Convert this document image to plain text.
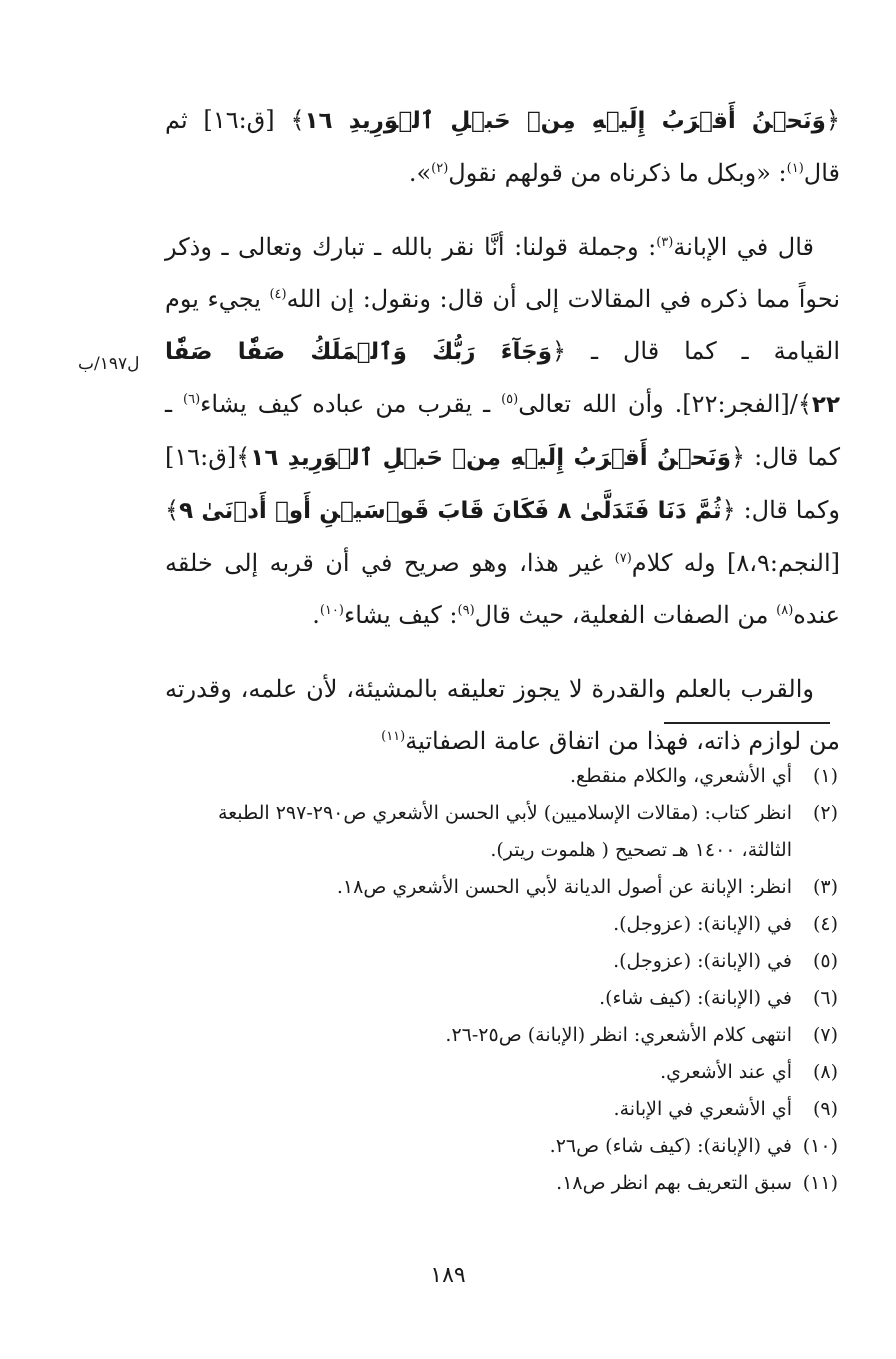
﴿وَنَحۡنُ أَقۡرَبُ إِلَيۡهِ مِنۡ حَبۡلِ ٱلۡوَرِيدِ ١٦﴾ [ق:١٦] ثم قال$^{(١)}$: «وبكل ما ذكرناه من قولهم نقول$^{(٢)}$».

قال في الإبانة$^{(٣)}$: وجملة قولنا: أنَّا نقر بالله ـ تبارك وتعالى ـ وذكر نحواً مما ذكره في المقالات إلى أن قال: ونقول: إن الله$^{(٤)}$ يجيء يوم القيامة ـ كما قال ـ ﴿وَجَآءَ رَبُّكَ وَٱلۡمَلَكُ صَفّٗا صَفّٗا ٢٢﴾/[الفجر:٢٢]. وأن الله تعالى$^{(٥)}$ ـ يقرب من عباده كيف يشاء$^{(٦)}$ ـ كما قال: ﴿وَنَحۡنُ أَقۡرَبُ إِلَيۡهِ مِنۡ حَبۡلِ ٱلۡوَرِيدِ ١٦﴾[ق:١٦] وكما قال: ﴿ثُمَّ دَنَا فَتَدَلَّىٰ ٨ فَكَانَ قَابَ قَوۡسَيۡنِ أَوۡ أَدۡنَىٰ ٩﴾[النجم:٨،٩] وله كلام$^{(٧)}$ غير هذا، وهو صريح في أن قربه إلى خلقه عنده$^{(٨)}$ من الصفات الفعلية، حيث قال$^{(٩)}$: كيف يشاء$^{(١٠)}$.

والقرب بالعلم والقدرة لا يجوز تعليقه بالمشيئة، لأن علمه، وقدرته من لوازم ذاته، فهذا من اتفاق عامة الصفاتية$^{(١١)}$

ل١٩٧/ب
(١)
أي الأشعري، والكلام منقطع.
(٢)
انظر كتاب: (مقالات الإسلاميين) لأبي الحسن الأشعري ص٢٩٠-٢٩٧ الطبعة الثالثة، ١٤٠٠ هـ تصحيح ( هلموت ريتر).
(٣)
انظر: الإبانة عن أصول الديانة لأبي الحسن الأشعري ص١٨.
(٤)
في (الإبانة): (عزوجل).
(٥)
في (الإبانة): (عزوجل).
(٦)
في (الإبانة): (كيف شاء).
(٧)
انتهى كلام الأشعري: انظر (الإبانة) ص٢٥-٢٦.
(٨)
أي عند الأشعري.
(٩)
أي الأشعري في الإبانة.
(١٠)
في (الإبانة): (كيف شاء) ص٢٦.
(١١)
سبق التعريف بهم انظر ص١٨.
١٨٩
